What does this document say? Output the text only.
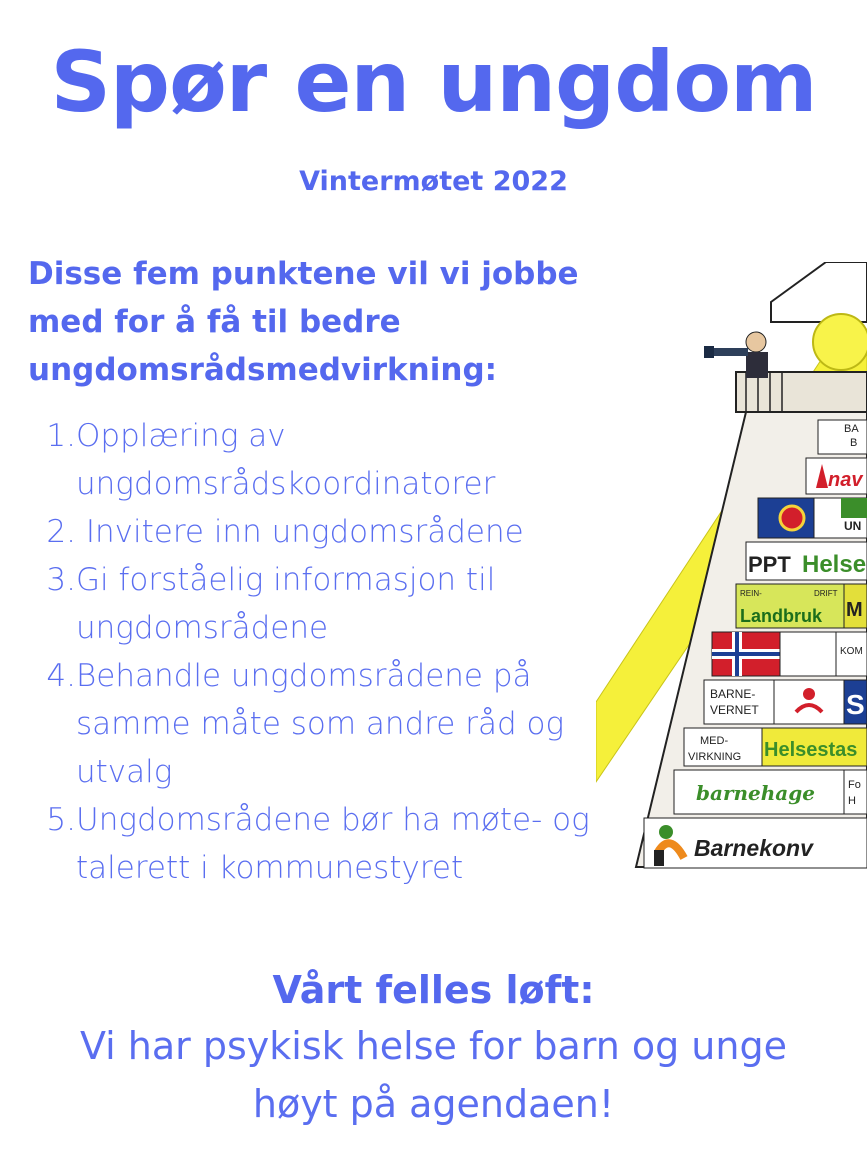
Spør en ungdom
Vintermøtet 2022
Disse fem punktene vil vi jobbe med for å få til bedre ungdomsrådsmedvirkning:
1. Opplæring av ungdomsrådskoordinatorer
2. Invitere inn ungdomsrådene
3. Gi forståelig informasjon til ungdomsrådene
4. Behandle ungdomsrådene på samme måte som andre råd og utvalg
5. Ungdomsrådene bør ha møte- og talerett i kommunestyret
BA
B
nav
UN
PPT Helse
REIN-	DRIFT
Landbruk M
KOM
BARNE-
VERNET	S
MED-
VIRKNING Helsestas
barnehage	Fo
H
Barnekonv
Vårt felles løft:
Vi har psykisk helse for barn og unge
høyt på agendaen!
